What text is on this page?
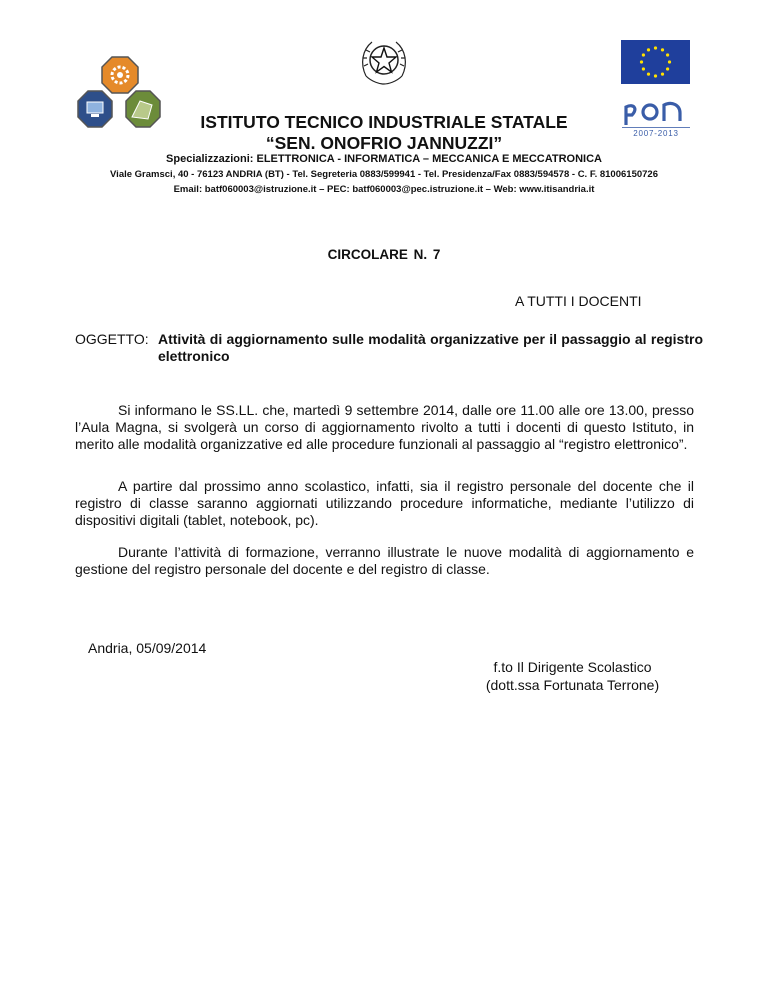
2007-2013
ISTITUTO TECNICO INDUSTRIALE STATALE
“SEN. ONOFRIO JANNUZZI”
Specializzazioni: ELETTRONICA - INFORMATICA – MECCANICA E MECCATRONICA
Viale Gramsci, 40 - 76123 ANDRIA (BT) - Tel. Segreteria 0883/599941 - Tel. Presidenza/Fax 0883/594578 - C. F. 81006150726
Email: batf060003@istruzione.it – PEC: batf060003@pec.istruzione.it – Web: www.itisandria.it
CIRCOLARE N. 7
A TUTTI I DOCENTI
OGGETTO: Attività di aggiornamento sulle modalità organizzative per il passaggio al registro elettronico
Si informano le SS.LL. che, martedì 9 settembre 2014, dalle ore 11.00 alle ore 13.00, presso l’Aula Magna, si svolgerà un corso di aggiornamento rivolto a tutti i docenti di questo Istituto, in merito alle modalità organizzative ed alle procedure funzionali al passaggio al “registro elettronico”.
A partire dal prossimo anno scolastico, infatti, sia il registro personale del docente che il registro di classe saranno aggiornati utilizzando procedure informatiche, mediante l’utilizzo di dispositivi digitali (tablet, notebook, pc).
Durante l’attività di formazione, verranno illustrate le nuove modalità di aggiornamento e gestione del registro personale del docente e del registro di classe.
Andria, 05/09/2014
f.to Il Dirigente Scolastico
(dott.ssa Fortunata Terrone)
